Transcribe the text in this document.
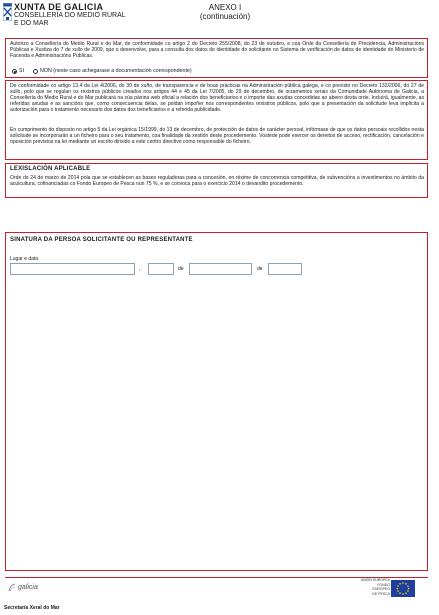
XUNTA DE GALICIA
CONSELLERÍA DO MEDIO RURAL
E DO MAR
ANEXO I
(continuación)

Autorizo a Consellería do Medio Rural e do Mar, de conformidade co artigo 2 do Decreto 255/2008, do 23 de outubro, e coa Orde da Consellería de Presidencia, Administracións Públicas e Xustiza do 7 de xullo de 2009, que o desenvolve, para a consulta dos datos de identidade do solicitante no Sistema de verificación de datos de identidade do Ministerio de Facenda e Administracións Públicas.

SI	NON (neste caso achegarase a documentación correspondente)

De conformidade co artigo 13.4 da Lei 4/2006, do 30 de xuño, de transparencia e de boas prácticas na Administración pública galega, e co previsto no Decreto 132/2006, do 27 de xullo, polo que se regulan os rexistros públicos creados nos artigos 44 e 45 da Lei 7/2005, do 29 de decembro, de orzamentos xerais da Comunidade Autónoma de Galicia, a Consellería do Medio Rural e do Mar publicará na súa páxina web oficial a relación dos beneficiarios e o importe das axudas concedidas ao abeiro desta orde. Incluirá, igualmente, as referidas axudas e as sancións que, como consecuencia delas, se poidan impoñer nos correspondentes rexistros públicos, polo que a presentación da solicitude leva implícita a autorización para o tratamento necesario dos datos dos beneficiarios e a referida publicidade.

En cumprimento do disposto no artigo 5 da Lei orgánica 15/1999, do 13 de decembro, de protección de datos de carácter persoal, infórmase de que os datos persoais recollidos nesta solicitude se incorporarán a un ficheiro para o seu tratamento, coa finalidade da xestión deste procedemento. Vostede pode exercer os dereitos de acceso, rectificación, cancelación e oposición previstos na lei mediante un escrito dirixido a este centro directivo como responsable do ficheiro.

LEXISLACIÓN APLICABLE

Orde do 24 de marzo de 2014 pola que se establecen as bases reguladoras para a concesión, en réxime de concorrencia competitiva, de subvencións a investimentos no ámbito da acuicultura, cofinanciadas co Fondo Europeo de Pesca nun 75 %, e se convoca para o exercicio 2014 o devandito procedemento.

SINATURA DA PERSOA SOLICITANTE OU REPRESENTANTE
Lugar e data
,	de	de
galicia
UNIÓN EUROPEA
FONDO EUROPEO
DE PESCA
Secretaría Xeral do Mar
